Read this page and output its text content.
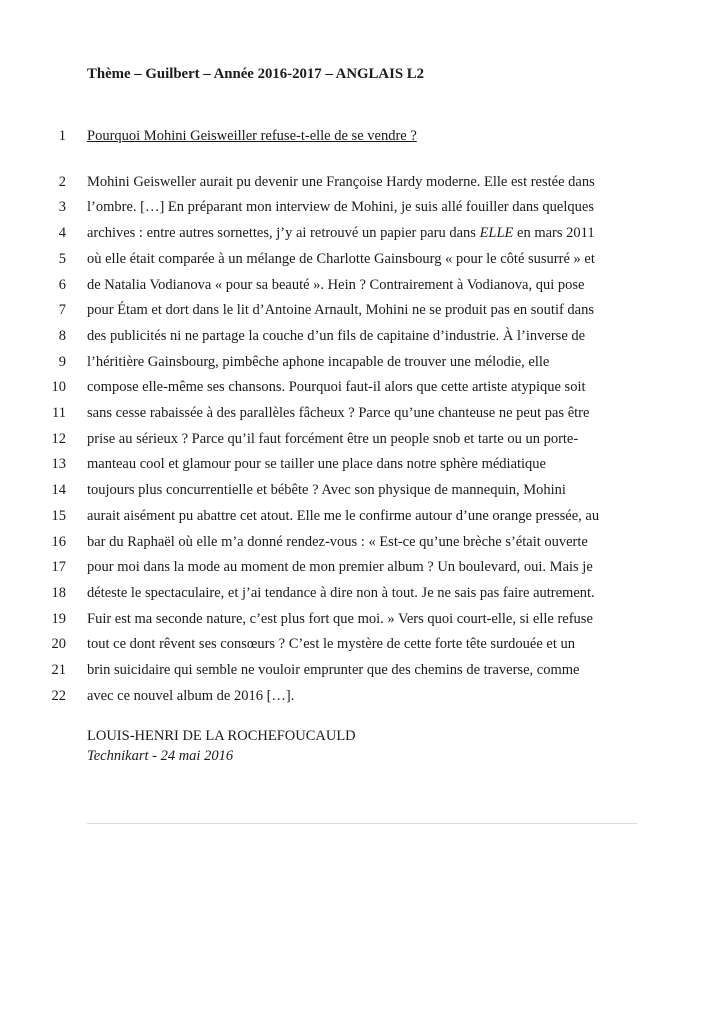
Thème – Guilbert – Année 2016-2017 – ANGLAIS L2
1 Pourquoi Mohini Geisweiller refuse-t-elle de se vendre ?
2 Mohini Geisweller aurait pu devenir une Françoise Hardy moderne. Elle est restée dans
3 l’ombre. […] En préparant mon interview de Mohini, je suis allé fouiller dans quelques
4 archives : entre autres sornettes, j’y ai retrouvé un papier paru dans ELLE en mars 2011
5 où elle était comparée à un mélange de Charlotte Gainsbourg « pour le côté susurré » et
6 de Natalia Vodianova « pour sa beauté ». Hein ? Contrairement à Vodianova, qui pose
7 pour Étam et dort dans le lit d’Antoine Arnault, Mohini ne se produit pas en soutif dans
8 des publicités ni ne partage la couche d’un fils de capitaine d’industrie. À l’inverse de
9 l’héritière Gainsbourg, pimbêche aphone incapable de trouver une mélodie, elle
10 compose elle-même ses chansons. Pourquoi faut-il alors que cette artiste atypique soit
11 sans cesse rabaissée à des parallèles fâcheux ? Parce qu’une chanteuse ne peut pas être
12 prise au sérieux ? Parce qu’il faut forcément être un people snob et tarte ou un porte-
13 manteau cool et glamour pour se tailler une place dans notre sphère médiatique
14 toujours plus concurrentielle et bébête ? Avec son physique de mannequin, Mohini
15 aurait aisément pu abattre cet atout. Elle me le confirme autour d’une orange pressée, au
16 bar du Raphaël où elle m’a donné rendez-vous : « Est-ce qu’une brèche s’était ouverte
17 pour moi dans la mode au moment de mon premier album ? Un boulevard, oui. Mais je
18 déteste le spectaculaire, et j’ai tendance à dire non à tout. Je ne sais pas faire autrement.
19 Fuir est ma seconde nature, c’est plus fort que moi. » Vers quoi court-elle, si elle refuse
20 tout ce dont rêvent ses consœurs ? C’est le mystère de cette forte tête surdouée et un
21 brin suicidaire qui semble ne vouloir emprunter que des chemins de traverse, comme
22 avec ce nouvel album de 2016 […].
LOUIS-HENRI DE LA ROCHEFOUCAULD
Technikart - 24 mai 2016
